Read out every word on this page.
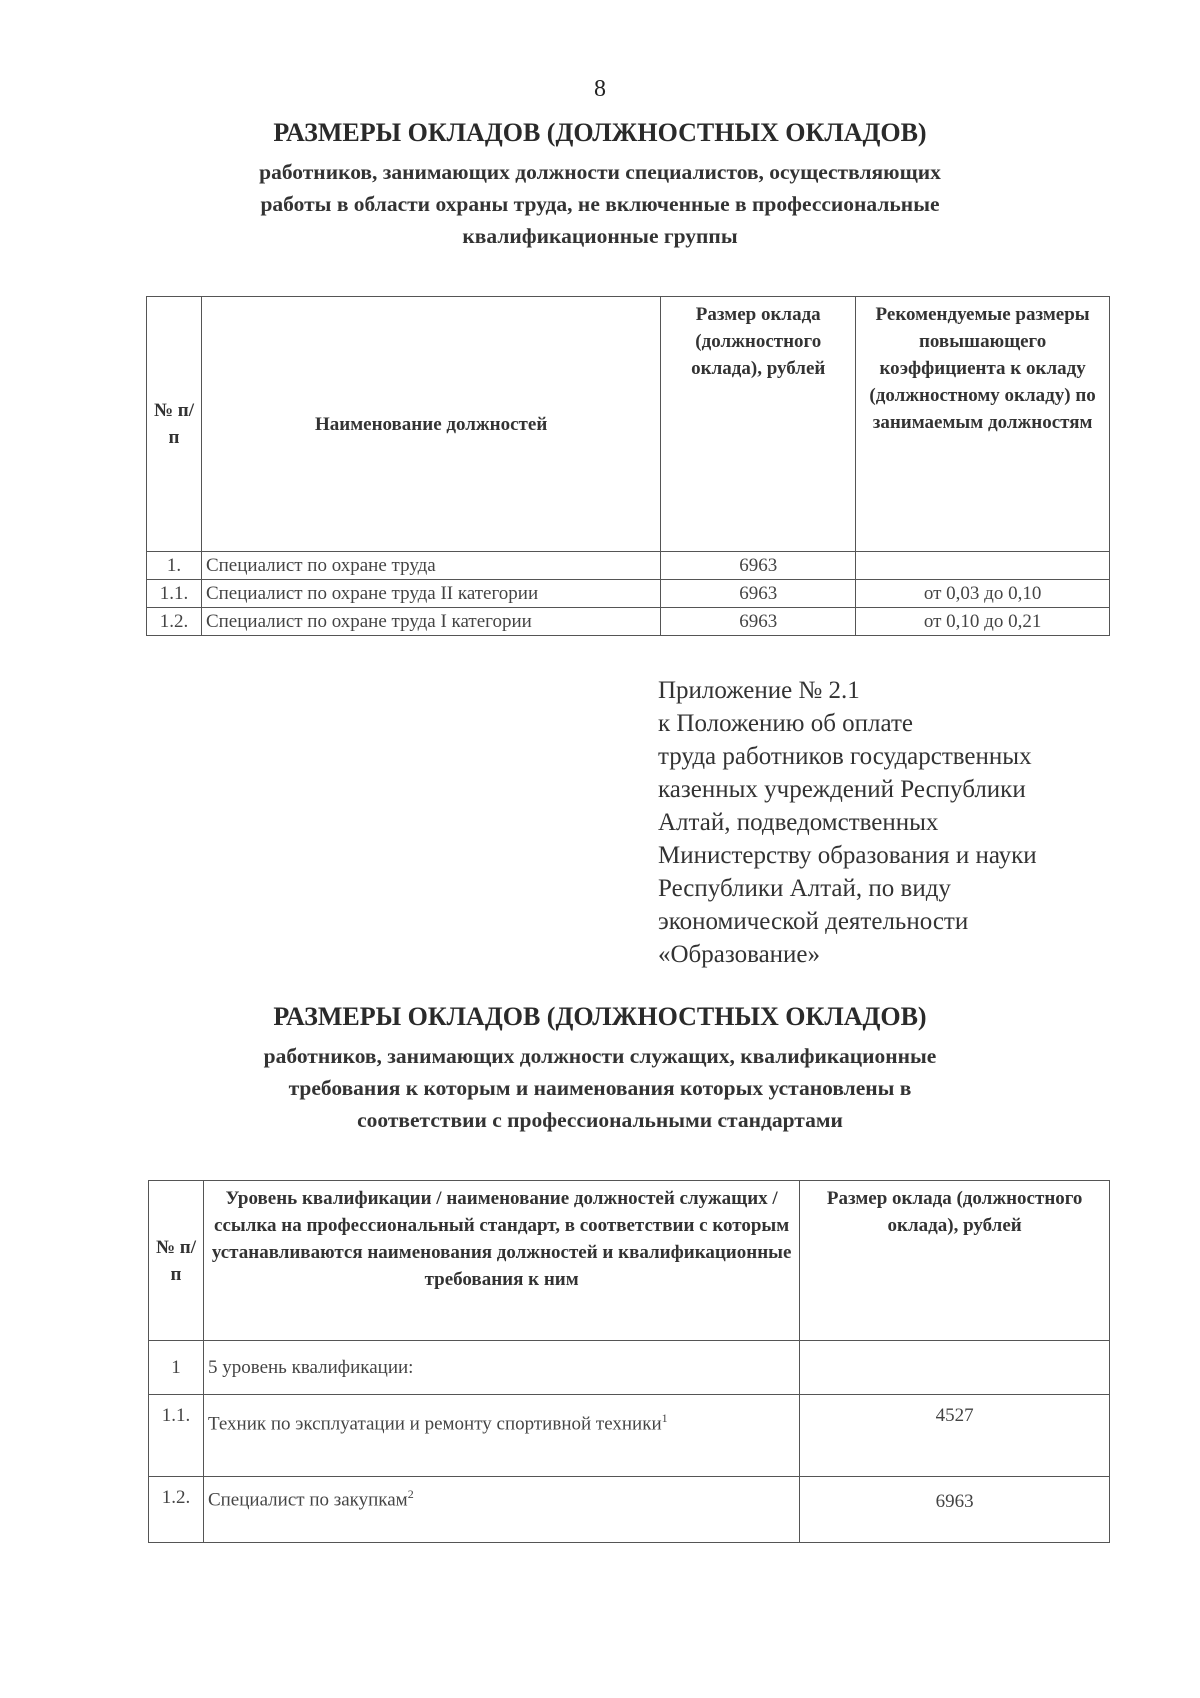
8
РАЗМЕРЫ ОКЛАДОВ (ДОЛЖНОСТНЫХ ОКЛАДОВ)
работников, занимающих должности специалистов, осуществляющих
работы в области охраны труда, не включенные в профессиональные
квалификационные группы
№ п/п	Наименование должностей	Размер оклада (должностного оклада), рублей	Рекомендуемые размеры повышающего коэффициента к окладу (должностному окладу) по занимаемым должностям
1.	Специалист по охране труда	6963	
1.1.	Специалист по охране труда II категории	6963	от 0,03 до 0,10
1.2.	Специалист по охране труда I категории	6963	от 0,10 до 0,21
Приложение № 2.1
к Положению об оплате
труда работников государственных
казенных учреждений Республики
Алтай, подведомственных
Министерству образования и науки
Республики Алтай, по виду
экономической деятельности
«Образование»
РАЗМЕРЫ ОКЛАДОВ (ДОЛЖНОСТНЫХ ОКЛАДОВ)
работников, занимающих должности служащих, квалификационные
требования к которым и наименования которых установлены в
соответствии с профессиональными стандартами
№ п/п	Уровень квалификации / наименование должностей служащих / ссылка на профессиональный стандарт, в соответствии с которым устанавливаются наименования должностей и квалификационные требования к ним	Размер оклада (должностного оклада), рублей
1	5 уровень квалификации:	
1.1.	Техник по эксплуатации и ремонту спортивной техники$^1$	4527
1.2.	Специалист по закупкам$^2$	6963
